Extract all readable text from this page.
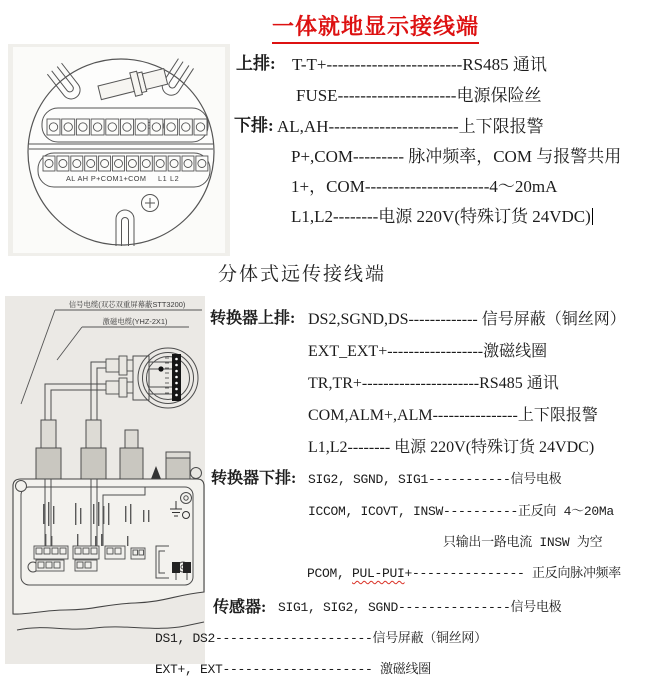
一体就地显示接线端
AL AH P+COM1+COM L1 L2
上排: T-T+------------------------RS485 通讯
FUSE---------------------电源保险丝
下排: AL,AH-----------------------上下限报警
P+,COM--------- 脉冲频率，COM 与报警共用
1+，COM----------------------4～20mA
L1,L2--------电源 220V(特殊订货 24VDC)
分体式远传接线端
信号电缆(双芯双重屏幕蔽STT3200)
激磁电缆(YHZ-2X1)	转换器上排: DS2,SGND,DS------------- 信号屏蔽（铜丝网）
EXT_EXT+------------------激磁线圈
TR,TR+----------------------RS485 通讯
COM,ALM+,ALM----------------上下限报警
L1,L2-------- 电源 220V(特殊订货 24VDC)
转换器下排: SIG2, SGND, SIG1-----------信号电极
ICCOM, ICOVT, INSW----------正反向 4～20Ma
只输出一路电流 INSW 为空
PCOM, PUL-PUI+--------------- 正反向脉冲频率
传感器: SIG1, SIG2, SGND---------------信号电极
DS1, DS2---------------------信号屏蔽（铜丝网）
EXT+, EXT-------------------- 激磁线圈
